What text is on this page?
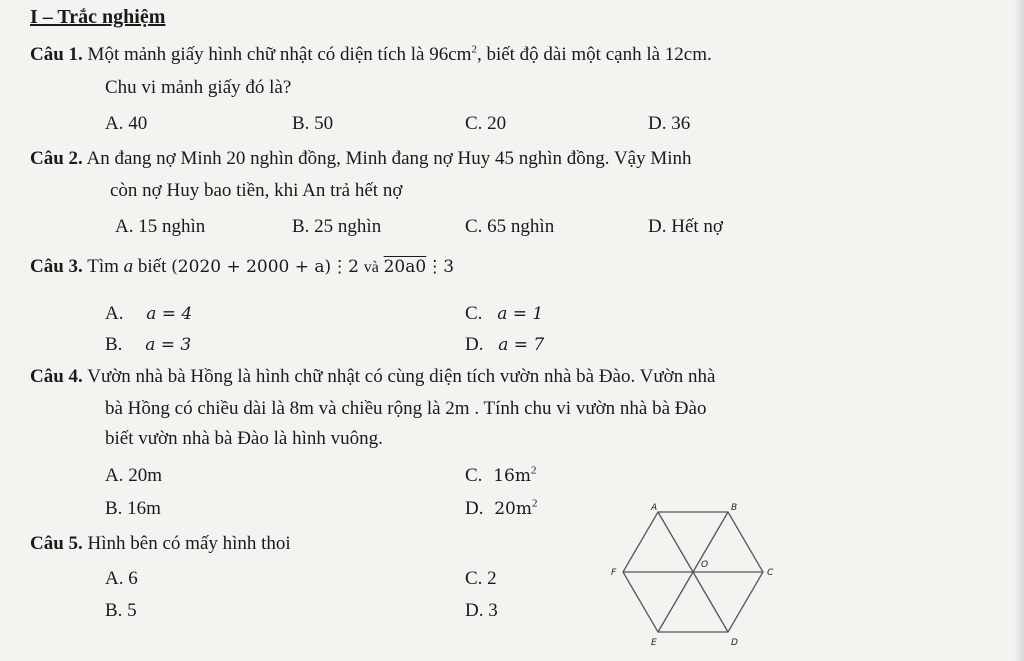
I – Trắc nghiệm
Câu 1. Một mảnh giấy hình chữ nhật có diện tích là $96cm^2$, biết độ dài một cạnh là 12cm.
Chu vi mảnh giấy đó là?
A. 40	B. 50	C. 20	D. 36
Câu 2. An đang nợ Minh 20 nghìn đồng, Minh đang nợ Huy 45 nghìn đồng. Vậy Minh
còn nợ Huy bao tiền, khi An trả hết nợ
A. 15 nghìn	B. 25 nghìn	C. 65 nghìn	D. Hết nợ
Câu 3. Tìm a biết (2020 + 2000 + a)⋮2 và 20a0⋮3
A. a = 4	C. a = 1
B. a = 3	D. a = 7
Câu 4. Vườn nhà bà Hồng là hình chữ nhật có cùng diện tích vườn nhà bà Đào. Vườn nhà
bà Hồng có chiều dài là 8m và chiều rộng là 2m . Tính chu vi vườn nhà bà Đào
biết vườn nhà bà Đào là hình vuông.
A. 20m	C. $16m^2$
B. 16m	D. $20m^2$
Câu 5. Hình bên có mấy hình thoi
A. 6	C. 2
B. 5	D. 3
A	B
F
O
C
E	D
